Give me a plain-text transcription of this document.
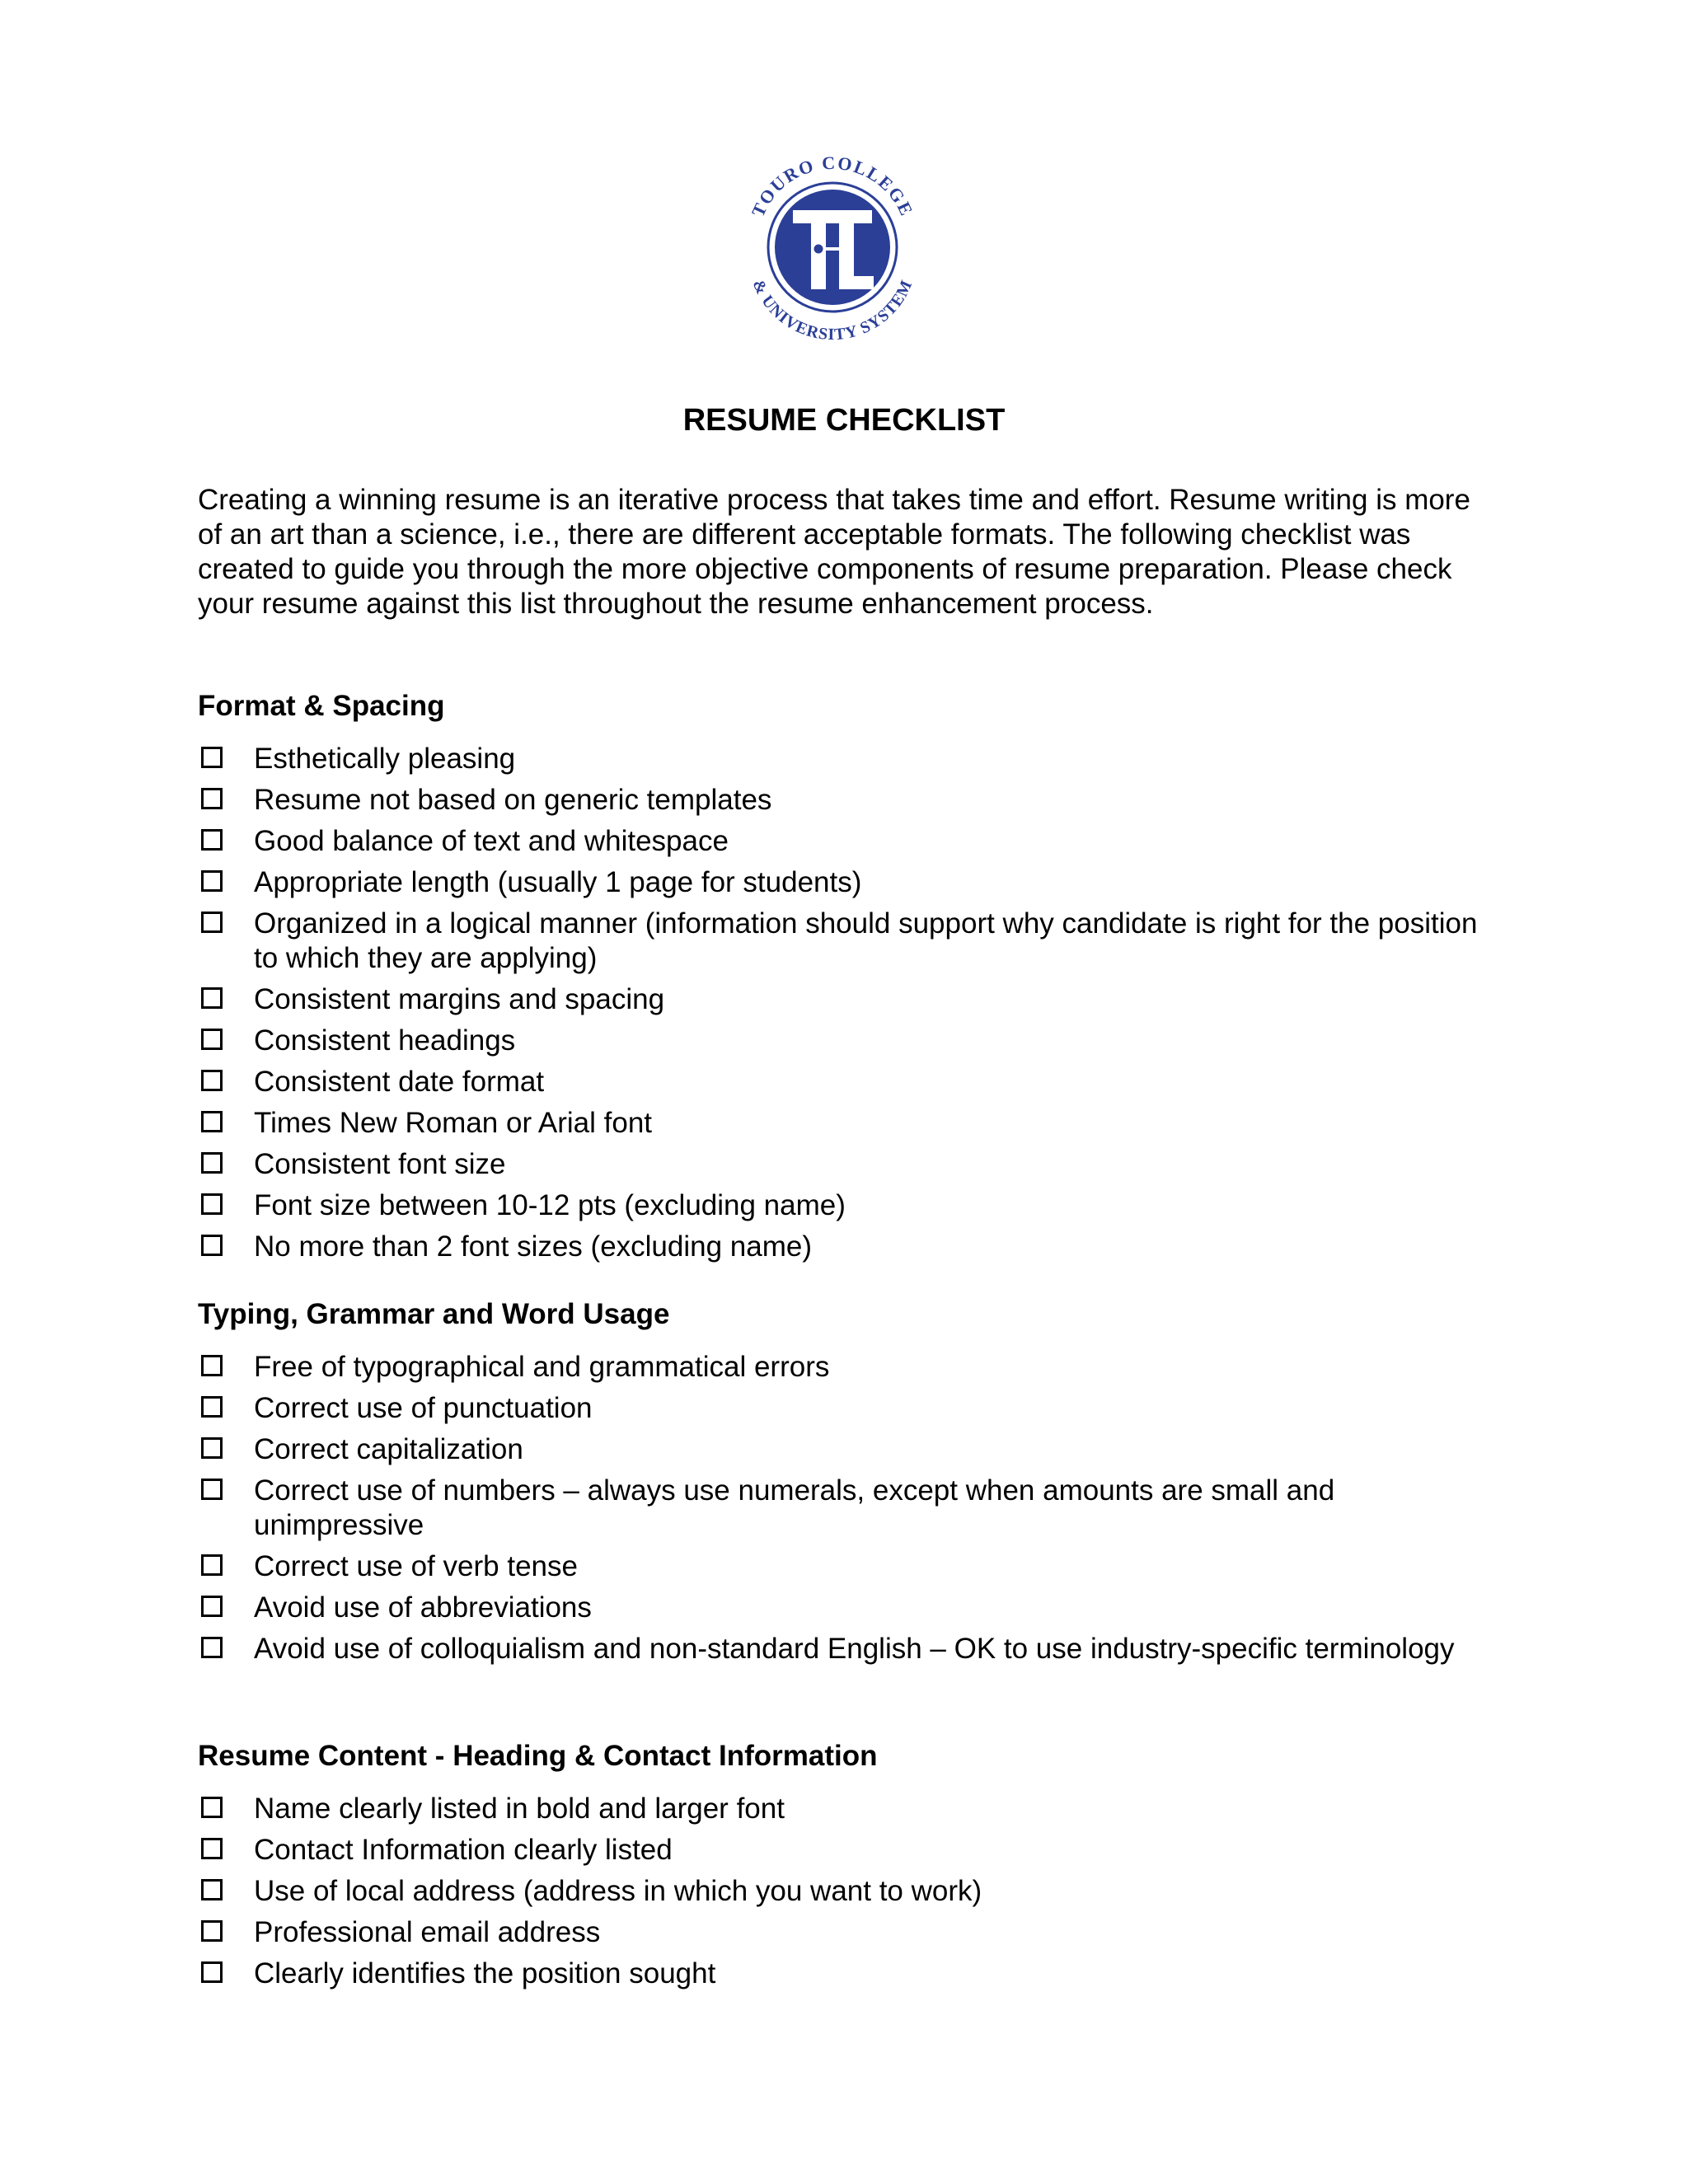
TOURO COLLEGE
& UNIVERSITY SYSTEM
RESUME CHECKLIST
Creating a winning resume is an iterative process that takes time and effort. Resume writing is more of an art than a science, i.e., there are different acceptable formats. The following checklist was created to guide you through the more objective components of resume preparation. Please check your resume against this list throughout the resume enhancement process.
Format & Spacing
Esthetically pleasing
Resume not based on generic templates
Good balance of text and whitespace
Appropriate length (usually 1 page for students)
Organized in a logical manner (information should support why candidate is right for the position to which they are applying)
Consistent margins and spacing
Consistent headings
Consistent date format
Times New Roman or Arial font
Consistent font size
Font size between 10-12 pts (excluding name)
No more than 2 font sizes (excluding name)
Typing, Grammar and Word Usage
Free of typographical and grammatical errors
Correct use of punctuation
Correct capitalization
Correct use of numbers – always use numerals, except when amounts are small and unimpressive
Correct use of verb tense
Avoid use of abbreviations
Avoid use of colloquialism and non-standard English – OK to use industry-specific terminology
Resume Content - Heading & Contact Information
Name clearly listed in bold and larger font
Contact Information clearly listed
Use of local address (address in which you want to work)
Professional email address
Clearly identifies the position sought
